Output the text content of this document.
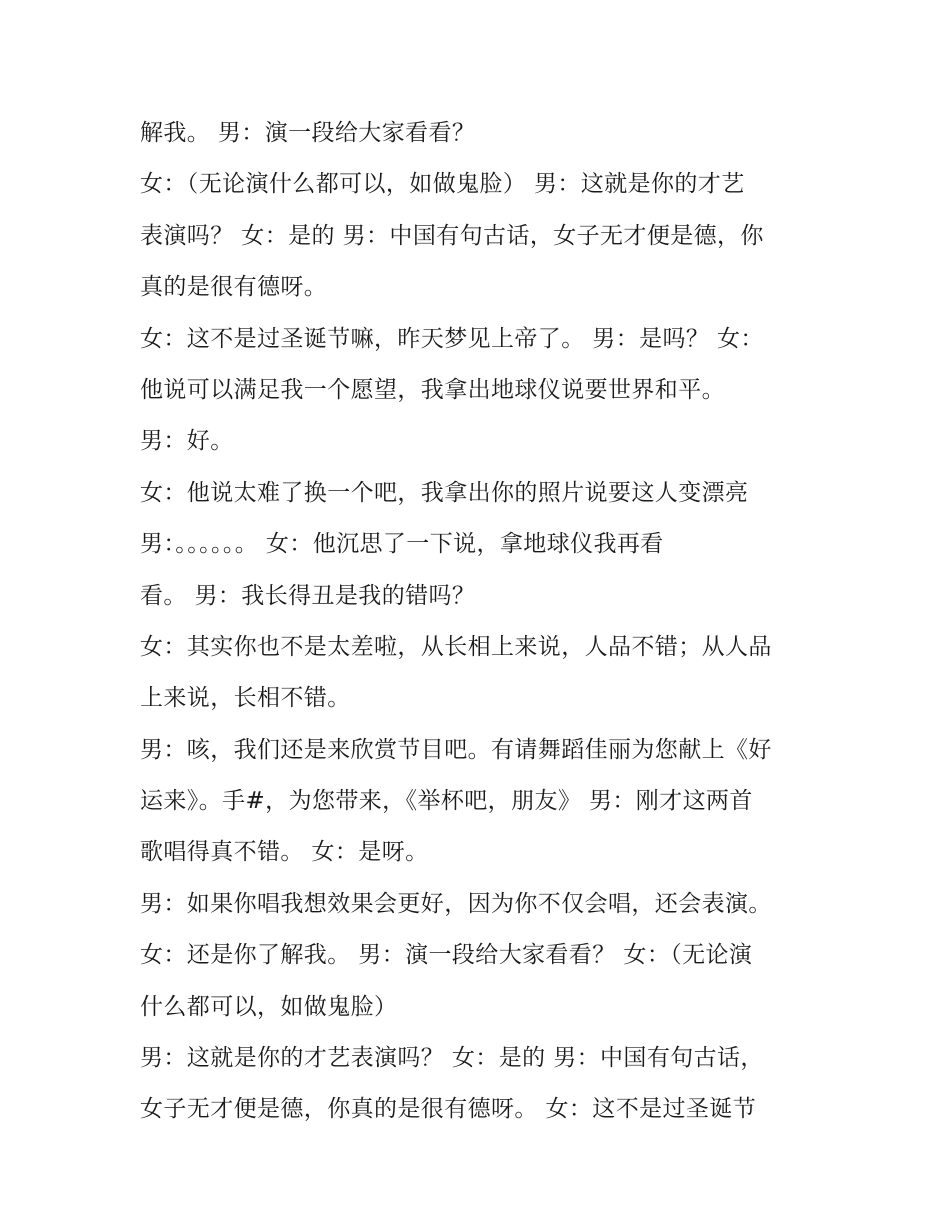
解我。 男：演一段给大家看看？
女：（无论演什么都可以，如做鬼脸） 男：这就是你的才艺
表演吗？ 女：是的 男：中国有句古话，女子无才便是德，你
真的是很有德呀。
女：这不是过圣诞节嘛，昨天梦见上帝了。 男：是吗？ 女：
他说可以满足我一个愿望，我拿出地球仪说要世界和平。
男：好。
女：他说太难了换一个吧，我拿出你的照片说要这人变漂亮
男：。。。。。。 女：他沉思了一下说，拿地球仪我再看
看。 男：我长得丑是我的错吗？
女：其实你也不是太差啦，从长相上来说，人品不错；从人品
上来说，长相不错。
男：咳，我们还是来欣赏节目吧。有请舞蹈佳丽为您献上《好
运来》。手#，为您带来，《举杯吧，朋友》 男：刚才这两首
歌唱得真不错。 女：是呀。
男：如果你唱我想效果会更好，因为你不仅会唱，还会表演。
女：还是你了解我。 男：演一段给大家看看？ 女：（无论演
什么都可以，如做鬼脸）
男：这就是你的才艺表演吗？ 女：是的 男：中国有句古话，
女子无才便是德，你真的是很有德呀。 女：这不是过圣诞节
